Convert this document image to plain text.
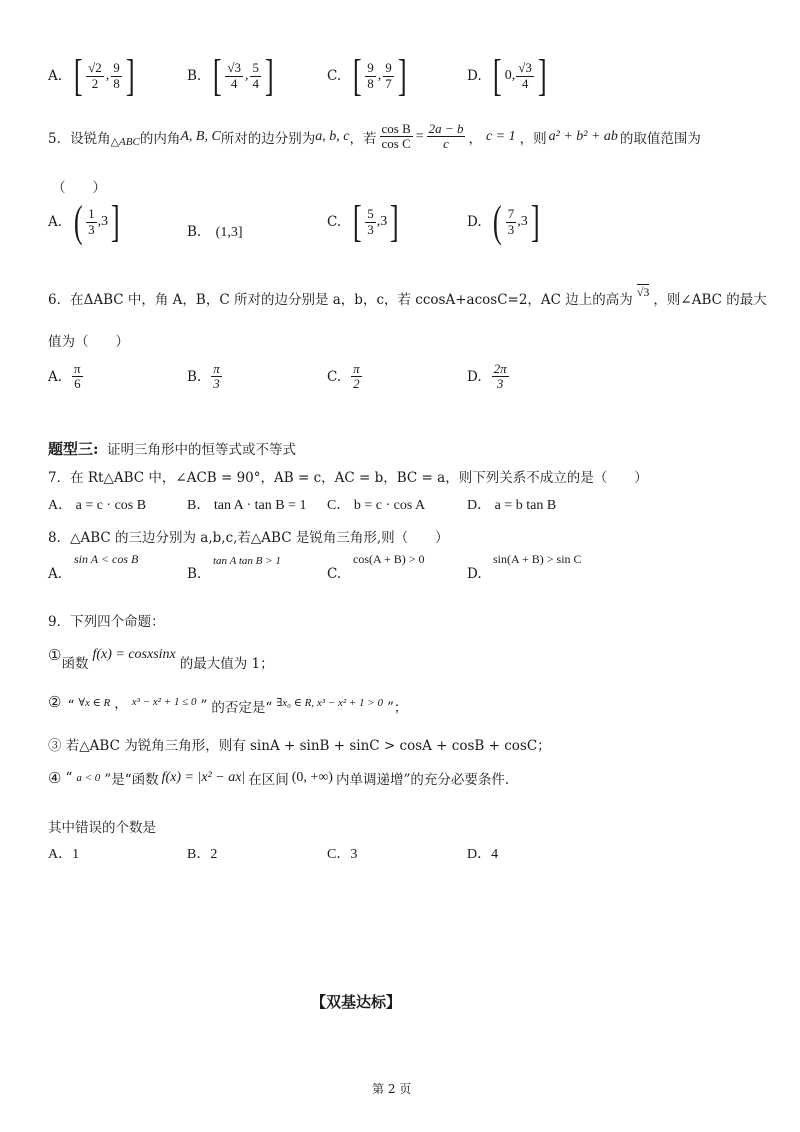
A. [ $\frac{√2}{2}$ , $\frac{9}{8}$ ]	B. [ $\frac{√3}{4}$ , $\frac{5}{4}$ ]	C. [ $\frac{9}{8}$ , $\frac{9}{7}$ ]	D. [ 0, $\frac{√3}{4}$ ]
5．设锐角 △ABC 的内角 A, B, C 所对的边分别为 a, b, c ，若 $\frac{\text{cos B}}{\text{cos C}} = \frac{2a - b}{c}$ ， c = 1 ，则 a² + b² + ab 的取值范围为
（　　）
A. ( $\frac{1}{3} ,3$ ]	B. (1,3]
C. [ $\frac{5}{3} ,3$ ]	D. ( $\frac{7}{3} ,3$ ]
6．在ΔABC 中，角 A，B，C 所对的边分别是 a，b，c，若 ccosA+acosC=2，AC 边上的高为 √3 ，则∠ABC 的最大
值为（　　）
A. $\frac{\pi}{6}$	B. $\frac{\pi}{3}$	C. $\frac{\pi}{2}$	D. $\frac{2\pi}{3}$
题型三: 证明三角形中的恒等式或不等式
7．在 Rt△ABC 中，∠ACB = 90°，AB = c，AC = b，BC = a，则下列关系不成立的是（　　）
A． a = c · cos B	B． tan A · tan B = 1 C． b = c · cos A	D． a = b tan B
8．△ABC 的三边分别为 a,b,c,若△ABC 是锐角三角形,则（　　）
sin A < cos B
A.
tan A tan B > 1
B.
cos(A + B) > 0
C.
sin(A + B) > sin C
D.
9．下列四个命题：
① 函数
f(x) = cosxsinx
的最大值为 1；
② “ ∀x ∈ R ， x³ − x² + 1 ≤ 0 ” 的否定是“ ∃x₀ ∈ R, x³ − x² + 1 > 0 ”；
③ 若△ABC 为锐角三角形，则有 sinA + sinB + sinC > cosA + cosB + cosC；
④ “ a < 0 ”是“函数 f(x) = |x² − ax| 在区间 (0, +∞) 内单调递增”的充分必要条件.
其中错误的个数是
A．1	B．2	C．3	D．4
【双基达标】
第 2 页
